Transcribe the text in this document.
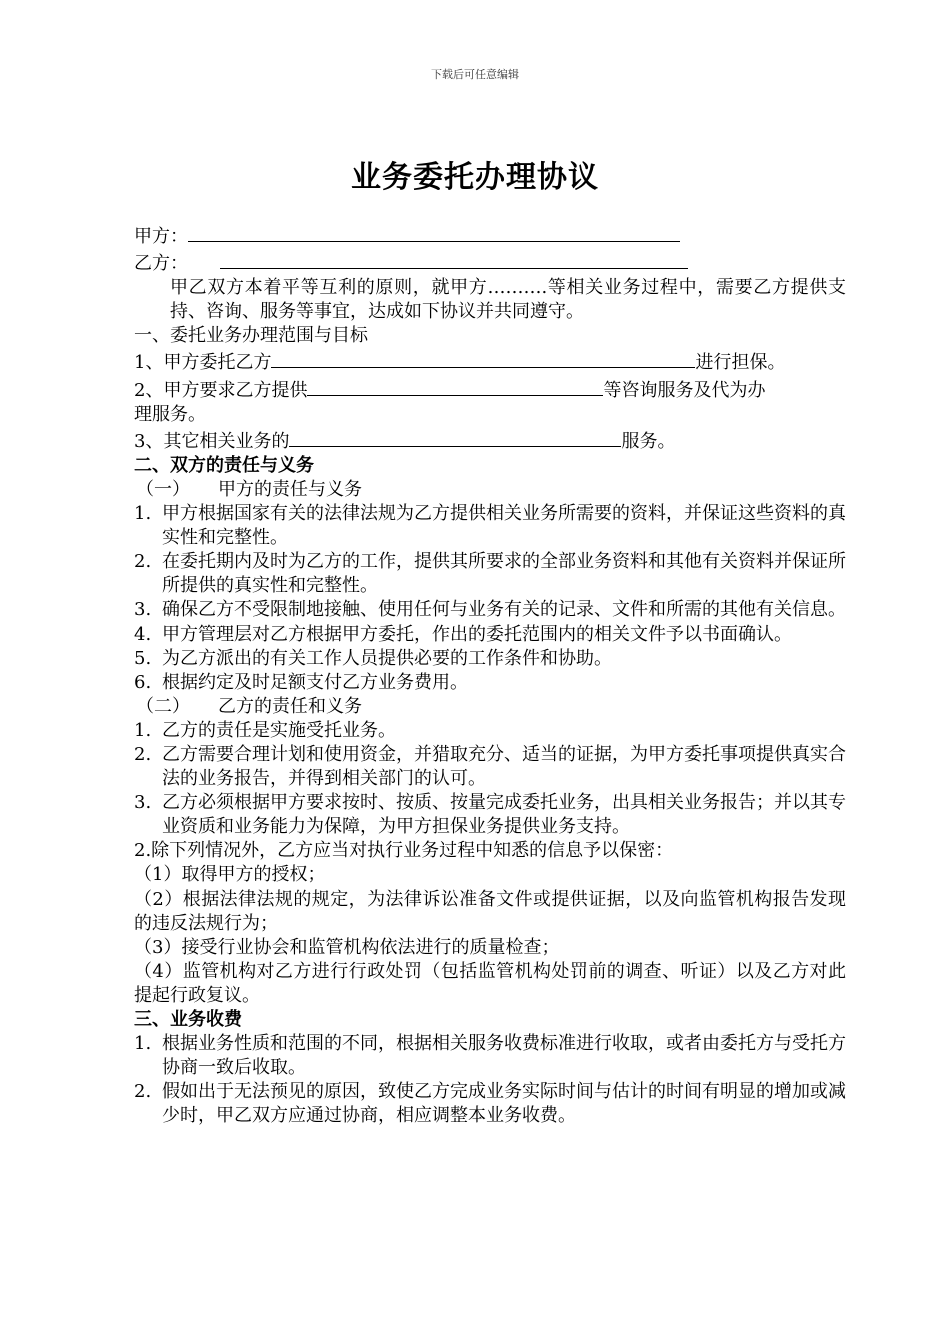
下载后可任意编辑
业务委托办理协议
甲方：
乙方：
甲乙双方本着平等互利的原则，就甲方……….等相关业务过程中，需要乙方提供支持、咨询、服务等事宜，达成如下协议并共同遵守。
一、委托业务办理范围与目标
1、甲方委托乙方	进行担保。
2、甲方要求乙方提供	等咨询服务及代为办
理服务。
3、其它相关业务的	服务。
二、双方的责任与义务
（一） 甲方的责任与义务
1. 甲方根据国家有关的法律法规为乙方提供相关业务所需要的资料，并保证这些资料的真实性和完整性。
2. 在委托期内及时为乙方的工作，提供其所要求的全部业务资料和其他有关资料并保证所所提供的真实性和完整性。
3. 确保乙方不受限制地接触、使用任何与业务有关的记录、文件和所需的其他有关信息。
4. 甲方管理层对乙方根据甲方委托，作出的委托范围内的相关文件予以书面确认。
5. 为乙方派出的有关工作人员提供必要的工作条件和协助。
6. 根据约定及时足额支付乙方业务费用。
（二） 乙方的责任和义务
1. 乙方的责任是实施受托业务。
2. 乙方需要合理计划和使用资金，并猎取充分、适当的证据，为甲方委托事项提供真实合法的业务报告，并得到相关部门的认可。
3. 乙方必须根据甲方要求按时、按质、按量完成委托业务，出具相关业务报告；并以其专业资质和业务能力为保障，为甲方担保业务提供业务支持。
2.除下列情况外，乙方应当对执行业务过程中知悉的信息予以保密：
（1）取得甲方的授权；
（2）根据法律法规的规定，为法律诉讼准备文件或提供证据，以及向监管机构报告发现的违反法规行为；
（3）接受行业协会和监管机构依法进行的质量检查；
（4）监管机构对乙方进行行政处罚（包括监管机构处罚前的调查、听证）以及乙方对此提起行政复议。
三、业务收费
1. 根据业务性质和范围的不同，根据相关服务收费标准进行收取，或者由委托方与受托方协商一致后收取。
2. 假如出于无法预见的原因，致使乙方完成业务实际时间与估计的时间有明显的增加或减少时，甲乙双方应通过协商，相应调整本业务收费。
